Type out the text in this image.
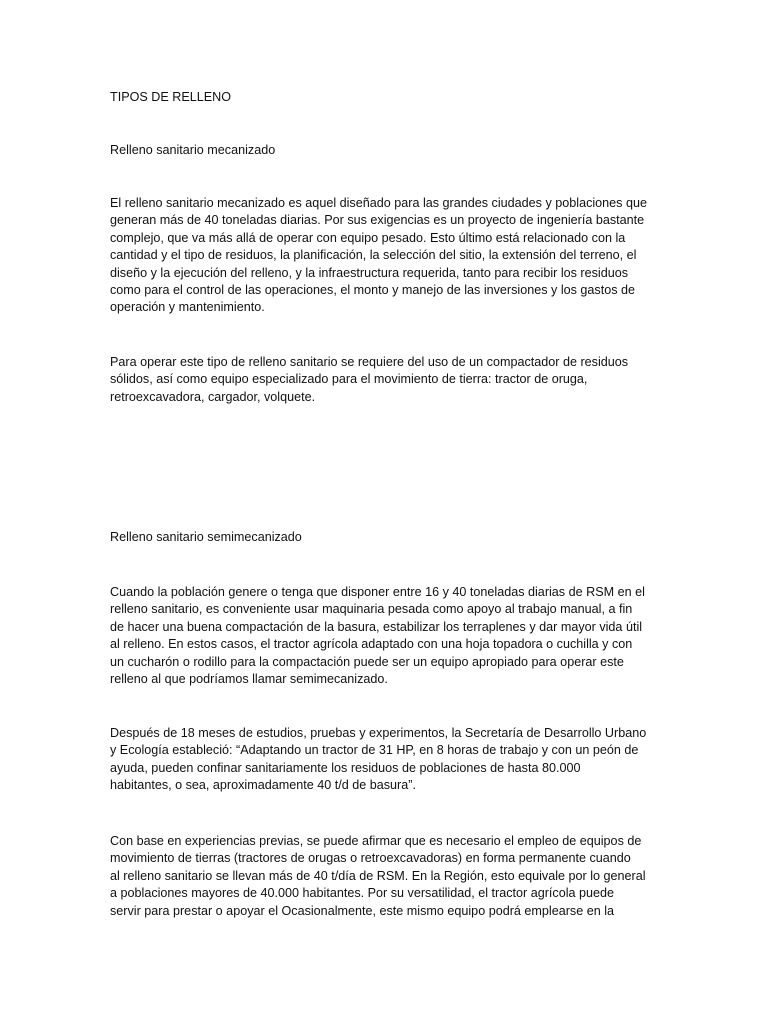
TIPOS DE RELLENO

Relleno sanitario mecanizado

El relleno sanitario mecanizado es aquel diseñado para las grandes ciudades y poblaciones que
generan más de 40 toneladas diarias. Por sus exigencias es un proyecto de ingeniería bastante
complejo, que va más allá de operar con equipo pesado. Esto último está relacionado con la
cantidad y el tipo de residuos, la planificación, la selección del sitio, la extensión del terreno, el
diseño y la ejecución del relleno, y la infraestructura requerida, tanto para recibir los residuos
como para el control de las operaciones, el monto y manejo de las inversiones y los gastos de
operación y mantenimiento.

Para operar este tipo de relleno sanitario se requiere del uso de un compactador de residuos
sólidos, así como equipo especializado para el movimiento de tierra: tractor de oruga,
retroexcavadora, cargador, volquete.

Relleno sanitario semimecanizado

Cuando la población genere o tenga que disponer entre 16 y 40 toneladas diarias de RSM en el
relleno sanitario, es conveniente usar maquinaria pesada como apoyo al trabajo manual, a fin
de hacer una buena compactación de la basura, estabilizar los terraplenes y dar mayor vida útil
al relleno. En estos casos, el tractor agrícola adaptado con una hoja topadora o cuchilla y con
un cucharón o rodillo para la compactación puede ser un equipo apropiado para operar este
relleno al que podríamos llamar semimecanizado.

Después de 18 meses de estudios, pruebas y experimentos, la Secretaría de Desarrollo Urbano
y Ecología estableció: “Adaptando un tractor de 31 HP, en 8 horas de trabajo y con un peón de
ayuda, pueden confinar sanitariamente los residuos de poblaciones de hasta 80.000
habitantes, o sea, aproximadamente 40 t/d de basura”.

Con base en experiencias previas, se puede afirmar que es necesario el empleo de equipos de
movimiento de tierras (tractores de orugas o retroexcavadoras) en forma permanente cuando
al relleno sanitario se llevan más de 40 t/día de RSM. En la Región, esto equivale por lo general
a poblaciones mayores de 40.000 habitantes. Por su versatilidad, el tractor agrícola puede
servir para prestar o apoyar el Ocasionalmente, este mismo equipo podrá emplearse en la
